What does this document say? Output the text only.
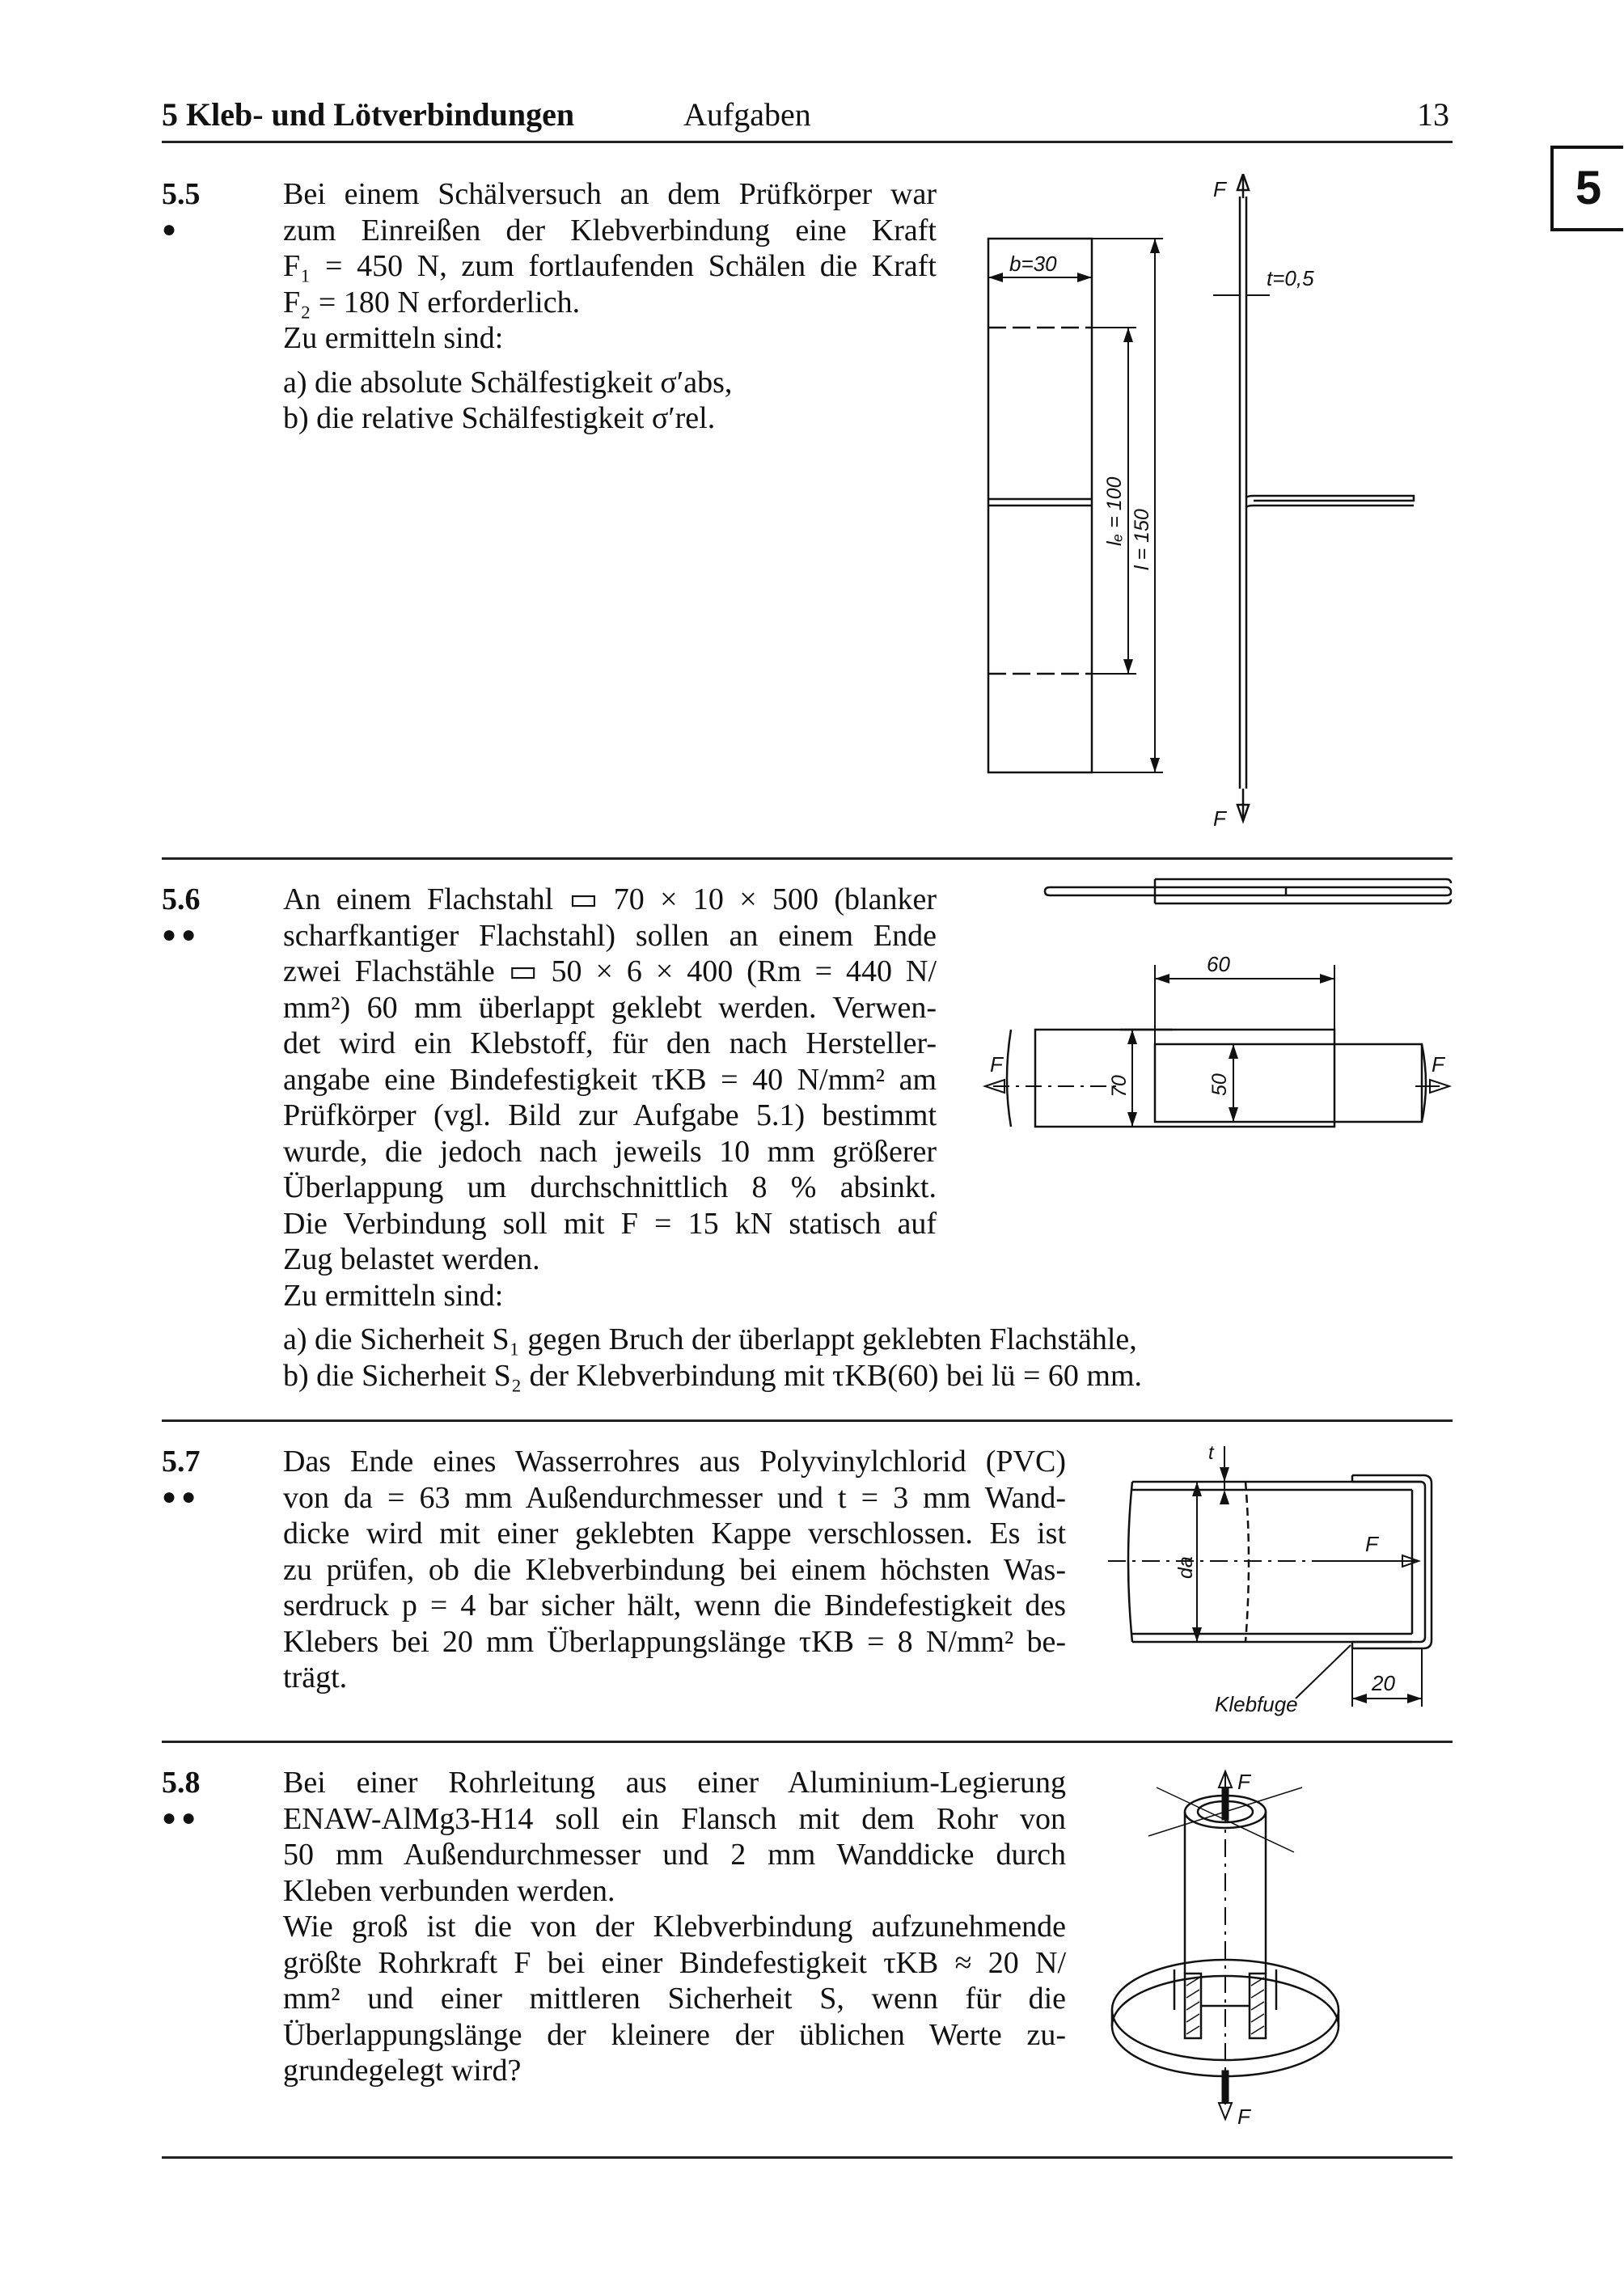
5 Kleb- und Lötverbindungen	Aufgaben	13
5
5.5
●
Bei einem Schälversuch an dem Prüfkörper war
zum Einreißen der Klebverbindung eine Kraft
F₁ = 450 N, zum fortlaufenden Schälen die Kraft
F₂ = 180 N erforderlich.
Zu ermitteln sind:
a) die absolute Schälfestigkeit σ′abs,
b) die relative Schälfestigkeit σ′rel.
F
F
b=30
t=0,5
lₑ = 100 l = 150
5.6
●●
An einem Flachstahl ▭ 70 × 10 × 500 (blanker
scharfkantiger Flachstahl) sollen an einem Ende
zwei Flachstähle ▭ 50 × 6 × 400 (Rm = 440 N/
mm²) 60 mm überlappt geklebt werden. Verwen-
det wird ein Klebstoff, für den nach Hersteller-
angabe eine Bindefestigkeit τKB = 40 N/mm² am
Prüfkörper (vgl. Bild zur Aufgabe 5.1) bestimmt
wurde, die jedoch nach jeweils 10 mm größerer
Überlappung um durchschnittlich 8 % absinkt.
Die Verbindung soll mit F = 15 kN statisch auf
Zug belastet werden.
Zu ermitteln sind:
a) die Sicherheit S₁ gegen Bruch der überlappt geklebten Flachstähle,
b) die Sicherheit S₂ der Klebverbindung mit τKB(60) bei lü = 60 mm.
F	F
60
70	50
5.7
●●
Das Ende eines Wasserrohres aus Polyvinylchlorid (PVC)
von da = 63 mm Außendurchmesser und t = 3 mm Wand-
dicke wird mit einer geklebten Kappe verschlossen. Es ist
zu prüfen, ob die Klebverbindung bei einem höchsten Was-
serdruck p = 4 bar sicher hält, wenn die Bindefestigkeit des
Klebers bei 20 mm Überlappungslänge τKB = 8 N/mm² be-
trägt.
t
da
F
Klebfuge
20
5.8
●●
Bei einer Rohrleitung aus einer Aluminium-Legierung
ENAW-AlMg3-H14 soll ein Flansch mit dem Rohr von
50 mm Außendurchmesser und 2 mm Wanddicke durch
Kleben verbunden werden.
Wie groß ist die von der Klebverbindung aufzunehmende
größte Rohrkraft F bei einer Bindefestigkeit τKB ≈ 20 N/
mm² und einer mittleren Sicherheit S, wenn für die
Überlappungslänge der kleinere der üblichen Werte zu-
grundegelegt wird?
F
F
